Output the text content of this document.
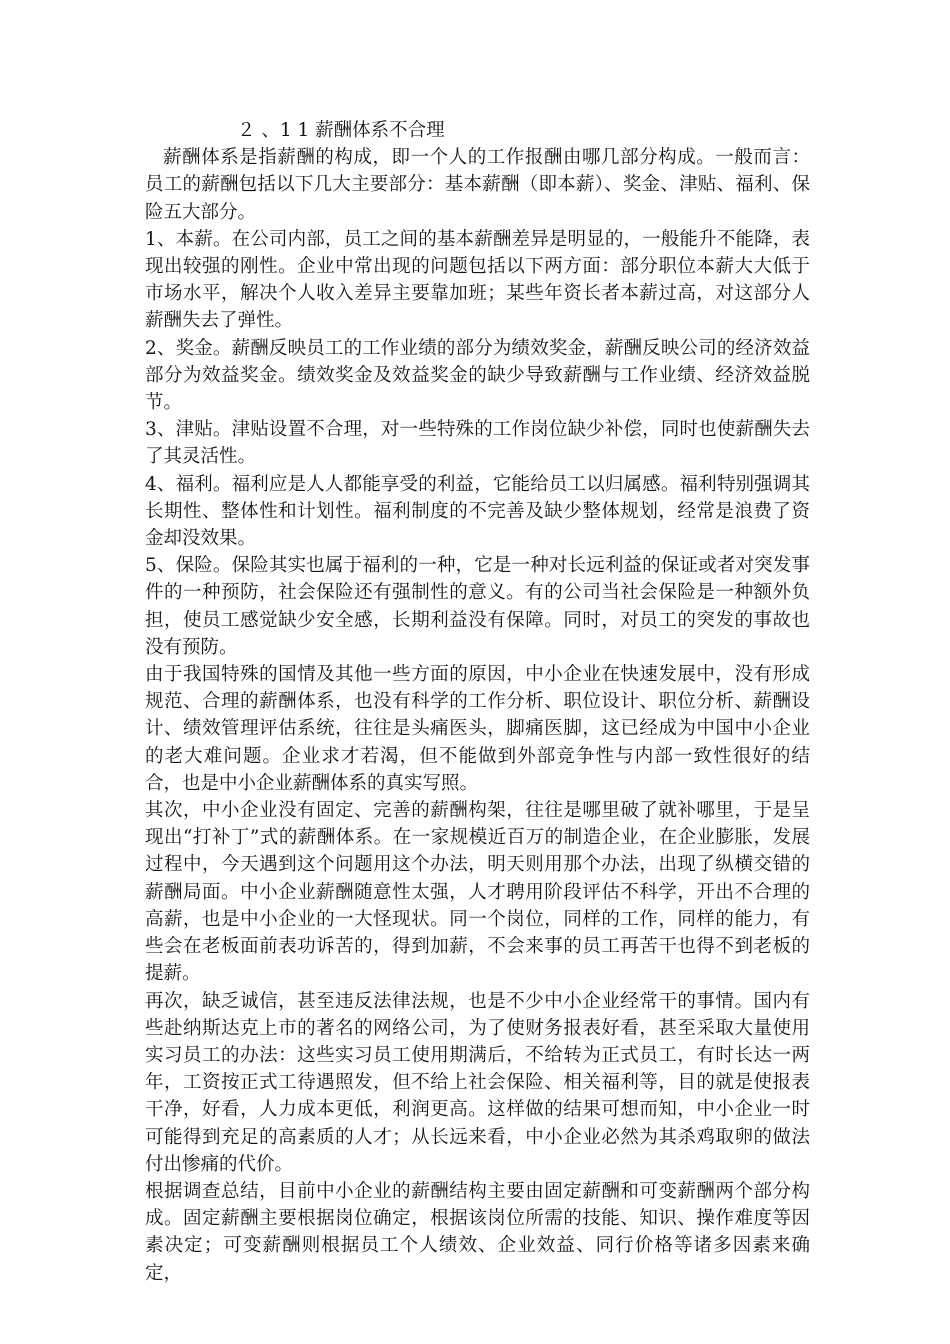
２ 、1 1 薪酬体系不合理

薪酬体系是指薪酬的构成，即一个人的工作报酬由哪几部分构成。一般而言：员工的薪酬包括以下几大主要部分：基本薪酬（即本薪）、奖金、津贴、福利、保险五大部分。

1、本薪。在公司内部，员工之间的基本薪酬差异是明显的，一般能升不能降，表现出较强的刚性。企业中常出现的问题包括以下两方面：部分职位本薪大大低于市场水平，解决个人收入差异主要靠加班；某些年资长者本薪过高，对这部分人薪酬失去了弹性。

2、奖金。薪酬反映员工的工作业绩的部分为绩效奖金，薪酬反映公司的经济效益部分为效益奖金。绩效奖金及效益奖金的缺少导致薪酬与工作业绩、经济效益脱节。

3、津贴。津贴设置不合理，对一些特殊的工作岗位缺少补偿，同时也使薪酬失去了其灵活性。

4、福利。福利应是人人都能享受的利益，它能给员工以归属感。福利特别强调其长期性、整体性和计划性。福利制度的不完善及缺少整体规划，经常是浪费了资金却没效果。

5、保险。保险其实也属于福利的一种，它是一种对长远利益的保证或者对突发事件的一种预防，社会保险还有强制性的意义。有的公司当社会保险是一种额外负担，使员工感觉缺少安全感，长期利益没有保障。同时，对员工的突发的事故也没有预防。

由于我国特殊的国情及其他一些方面的原因，中小企业在快速发展中，没有形成规范、合理的薪酬体系，也没有科学的工作分析、职位设计、职位分析、薪酬设计、绩效管理评估系统，往往是头痛医头，脚痛医脚，这已经成为中国中小企业的老大难问题。企业求才若渴，但不能做到外部竞争性与内部一致性很好的结合，也是中小企业薪酬体系的真实写照。

其次，中小企业没有固定、完善的薪酬构架，往往是哪里破了就补哪里，于是呈现出“打补丁”式的薪酬体系。在一家规模近百万的制造企业，在企业膨胀，发展过程中，今天遇到这个问题用这个办法，明天则用那个办法，出现了纵横交错的薪酬局面。中小企业薪酬随意性太强，人才聘用阶段评估不科学，开出不合理的高薪，也是中小企业的一大怪现状。同一个岗位，同样的工作，同样的能力，有些会在老板面前表功诉苦的，得到加薪，不会来事的员工再苦干也得不到老板的提薪。

再次，缺乏诚信，甚至违反法律法规，也是不少中小企业经常干的事情。国内有些赴纳斯达克上市的著名的网络公司，为了使财务报表好看，甚至采取大量使用实习员工的办法：这些实习员工使用期满后，不给转为正式员工，有时长达一两年，工资按正式工待遇照发，但不给上社会保险、相关福利等，目的就是使报表干净，好看，人力成本更低，利润更高。这样做的结果可想而知，中小企业一时可能得到充足的高素质的人才；从长远来看，中小企业必然为其杀鸡取卵的做法付出惨痛的代价。

根据调查总结，目前中小企业的薪酬结构主要由固定薪酬和可变薪酬两个部分构成。固定薪酬主要根据岗位确定，根据该岗位所需的技能、知识、操作难度等因素决定；可变薪酬则根据员工个人绩效、企业效益、同行价格等诸多因素来确定，
